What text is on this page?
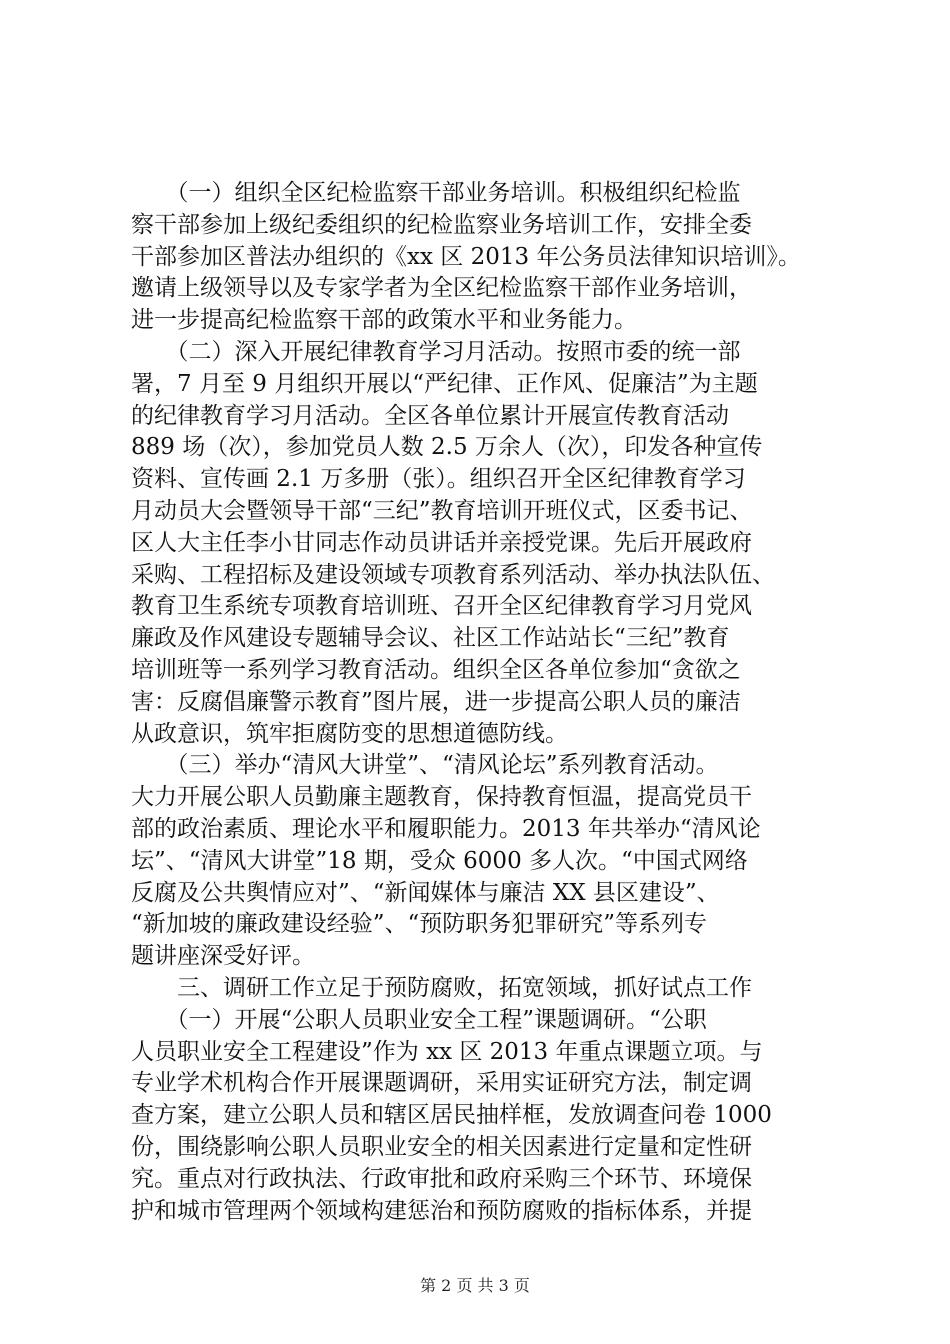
　　（一）组织全区纪检监察干部业务培训。积极组织纪检监
察干部参加上级纪委组织的纪检监察业务培训工作，安排全委
干部参加区普法办组织的《xx 区 2013 年公务员法律知识培训》。
邀请上级领导以及专家学者为全区纪检监察干部作业务培训，
进一步提高纪检监察干部的政策水平和业务能力。
　　（二）深入开展纪律教育学习月活动。按照市委的统一部
署，7 月至 9 月组织开展以“严纪律、正作风、促廉洁”为主题
的纪律教育学习月活动。全区各单位累计开展宣传教育活动
889 场（次），参加党员人数 2.5 万余人（次），印发各种宣传
资料、宣传画 2.1 万多册（张）。组织召开全区纪律教育学习
月动员大会暨领导干部“三纪”教育培训开班仪式，区委书记、
区人大主任李小甘同志作动员讲话并亲授党课。先后开展政府
采购、工程招标及建设领域专项教育系列活动、举办执法队伍、
教育卫生系统专项教育培训班、召开全区纪律教育学习月党风
廉政及作风建设专题辅导会议、社区工作站站长“三纪”教育
培训班等一系列学习教育活动。组织全区各单位参加“贪欲之
害：反腐倡廉警示教育”图片展，进一步提高公职人员的廉洁
从政意识，筑牢拒腐防变的思想道德防线。
　　（三）举办“清风大讲堂”、“清风论坛”系列教育活动。
大力开展公职人员勤廉主题教育，保持教育恒温，提高党员干
部的政治素质、理论水平和履职能力。2013 年共举办“清风论
坛”、“清风大讲堂”18 期，受众 6000 多人次。“中国式网络
反腐及公共舆情应对”、“新闻媒体与廉洁 XX 县区建设”、
“新加坡的廉政建设经验”、“预防职务犯罪研究”等系列专
题讲座深受好评。
　　三、调研工作立足于预防腐败，拓宽领域，抓好试点工作
　　（一）开展“公职人员职业安全工程”课题调研。“公职
人员职业安全工程建设”作为 xx 区 2013 年重点课题立项。与
专业学术机构合作开展课题调研，采用实证研究方法，制定调
查方案，建立公职人员和辖区居民抽样框，发放调查问卷 1000
份，围绕影响公职人员职业安全的相关因素进行定量和定性研
究。重点对行政执法、行政审批和政府采购三个环节、环境保
护和城市管理两个领域构建惩治和预防腐败的指标体系，并提
第 2 页 共 3 页
